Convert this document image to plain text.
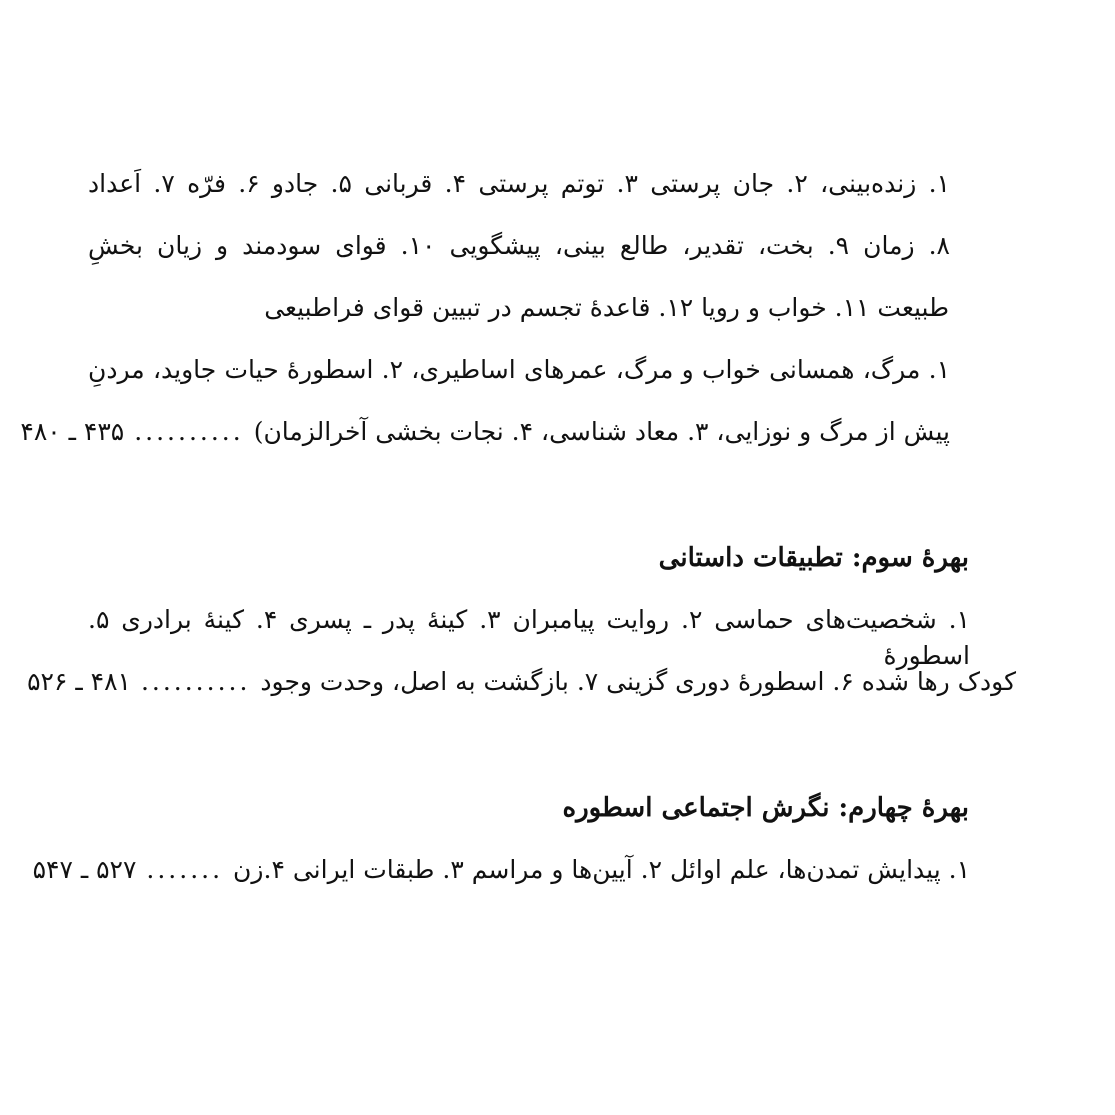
۱. زنده‌بینی، ۲. جان پرستی ۳. توتم پرستی ۴. قربانی ۵. جادو ۶. فرّه ۷. اَعداد

۸. زمان ۹. بخت، تقدیر، طالع بینی، پیشگویی ۱۰. قوای سودمند و زیان بخشِ

طبیعت ۱۱. خواب و رویا ۱۲. قاعدهٔ تجسم در تبیین قوای فراطبیعی

۱. مرگ، همسانی خواب و مرگ، عمرهای اساطیری، ۲. اسطورهٔ حیات جاوید، مردنِ

پیش از مرگ و نوزایی، ۳. معاد شناسی، ۴. نجات بخشی آخرالزمان)
..........
۴۳۵ ـ ۴۸۰

بهرهٔ سوم: تطبیقات داستانی

۱. شخصیت‌های حماسی ۲. روایت پیامبران ۳. کینهٔ پدر ـ پسری ۴. کینهٔ برادری ۵. اسطورهٔ

کودک رها شده ۶. اسطورهٔ دوری گزینی ۷. بازگشت به اصل، وحدت وجود
..........
۴۸۱ ـ ۵۲۶

بهرهٔ چهارم: نگرش اجتماعی اسطوره

۱. پیدایش تمدن‌ها، علم اوائل ۲. آیین‌ها و مراسم ۳. طبقات ایرانی ۴.زن
.......
۵۲۷ ـ ۵۴۷
